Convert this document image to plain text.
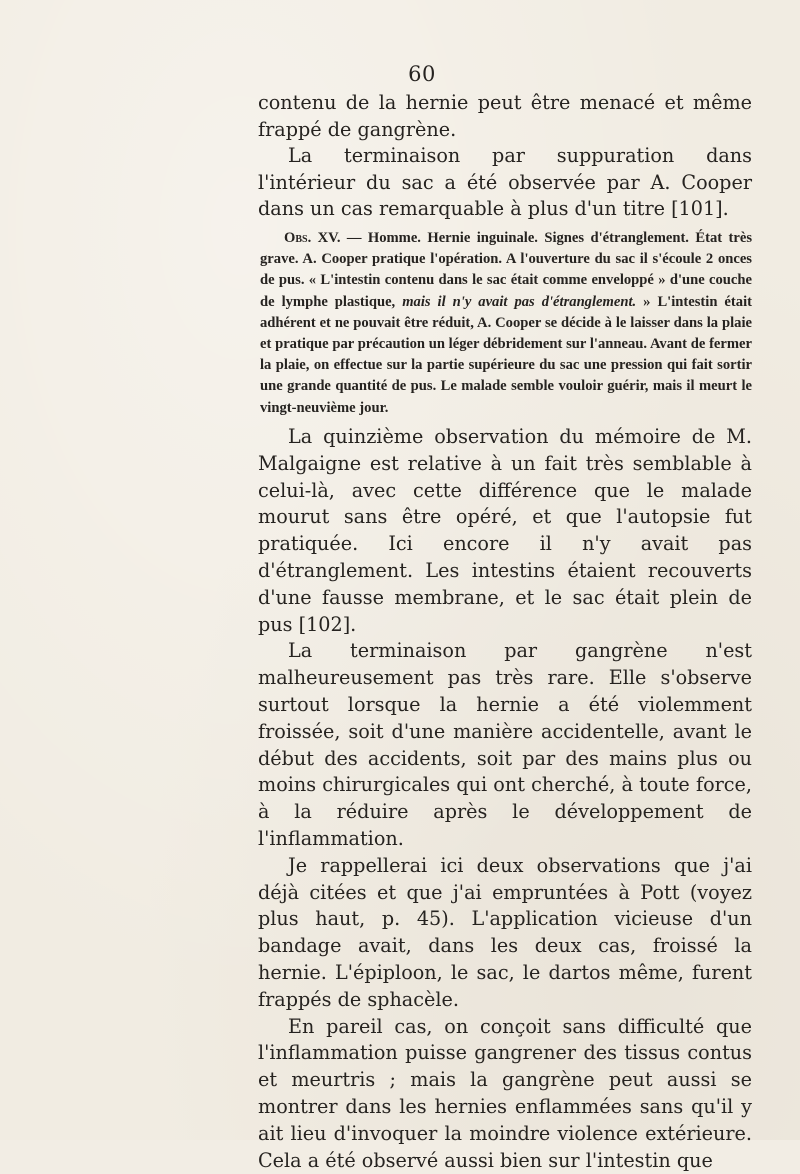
60

contenu de la hernie peut être menacé et même frappé de gangrène.

La terminaison par suppuration dans l'intérieur du sac a été observée par A. Cooper dans un cas remarquable à plus d'un titre [101].

Obs. XV. — Homme. Hernie inguinale. Signes d'étranglement. État très grave. A. Cooper pratique l'opération. A l'ouverture du sac il s'écoule 2 onces de pus. « L'intestin contenu dans le sac était comme enveloppé » d'une couche de lymphe plastique, mais il n'y avait pas d'étranglement. » L'intestin était adhérent et ne pouvait être réduit, A. Cooper se décide à le laisser dans la plaie et pratique par précaution un léger débridement sur l'anneau. Avant de fermer la plaie, on effectue sur la partie supérieure du sac une pression qui fait sortir une grande quantité de pus. Le malade semble vouloir guérir, mais il meurt le vingt-neuvième jour.

La quinzième observation du mémoire de M. Malgaigne est relative à un fait très semblable à celui-là, avec cette différence que le malade mourut sans être opéré, et que l'autopsie fut pratiquée. Ici encore il n'y avait pas d'étranglement. Les intestins étaient recouverts d'une fausse membrane, et le sac était plein de pus [102].

La terminaison par gangrène n'est malheureusement pas très rare. Elle s'observe surtout lorsque la hernie a été violemment froissée, soit d'une manière accidentelle, avant le début des accidents, soit par des mains plus ou moins chirurgicales qui ont cherché, à toute force, à la réduire après le développement de l'inflammation.

Je rappellerai ici deux observations que j'ai déjà citées et que j'ai empruntées à Pott (voyez plus haut, p. 45). L'application vicieuse d'un bandage avait, dans les deux cas, froissé la hernie. L'épiploon, le sac, le dartos même, furent frappés de sphacèle.

En pareil cas, on conçoit sans difficulté que l'inflammation puisse gangrener des tissus contus et meurtris ; mais la gangrène peut aussi se montrer dans les hernies enflammées sans qu'il y ait lieu d'invoquer la moindre violence extérieure. Cela a été observé aussi bien sur l'intestin que
